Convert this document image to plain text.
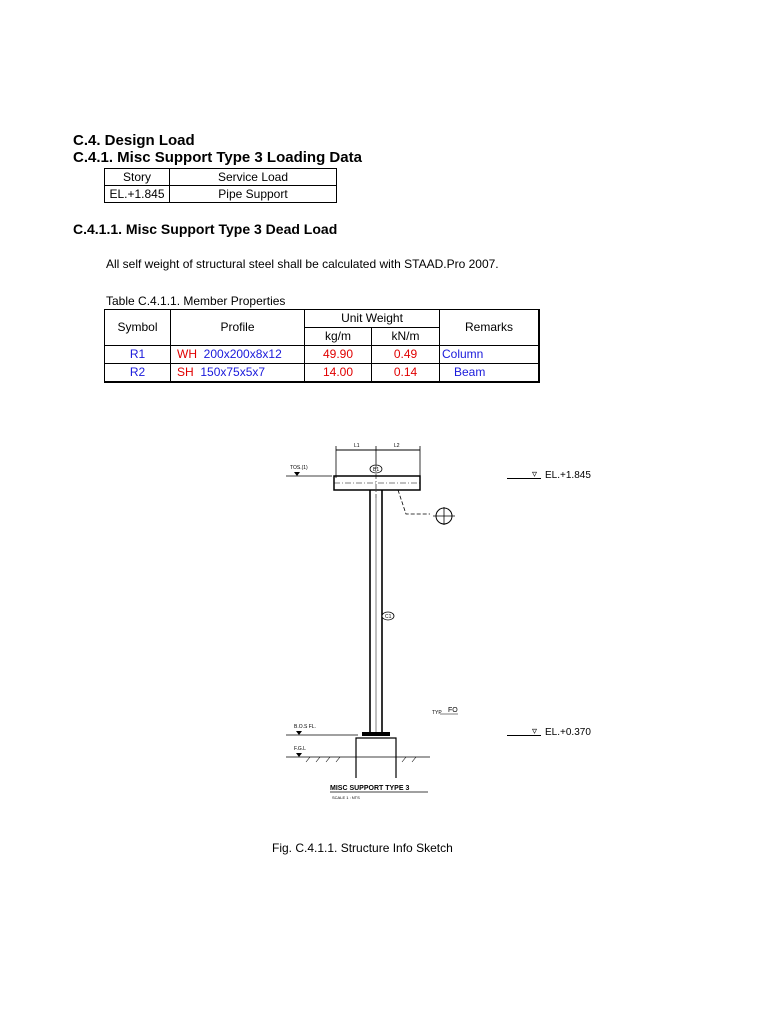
C.4. Design Load
C.4.1. Misc Support Type 3 Loading Data
Story	Service Load
EL.+1.845	Pipe Support
C.4.1.1. Misc Support Type 3 Dead Load
All self weight of structural steel shall be calculated with STAAD.Pro 2007.
Table C.4.1.1. Member Properties
Symbol	Profile	Unit Weight		Remarks
		kg/m	kN/m	
R1	WH 200x200x8x12	49.90	0.49	Column
R2	SH 150x75x5x7	14.00	0.14	Beam
L1	L2
B1
TOS.(1)
C1
TYP FO
B.O.S FL.
F.G.L
MISC SUPPORT TYPE 3
SCALE 1 : NTS
▿ EL.+1.845
▿ EL.+0.370
Fig. C.4.1.1. Structure Info Sketch
